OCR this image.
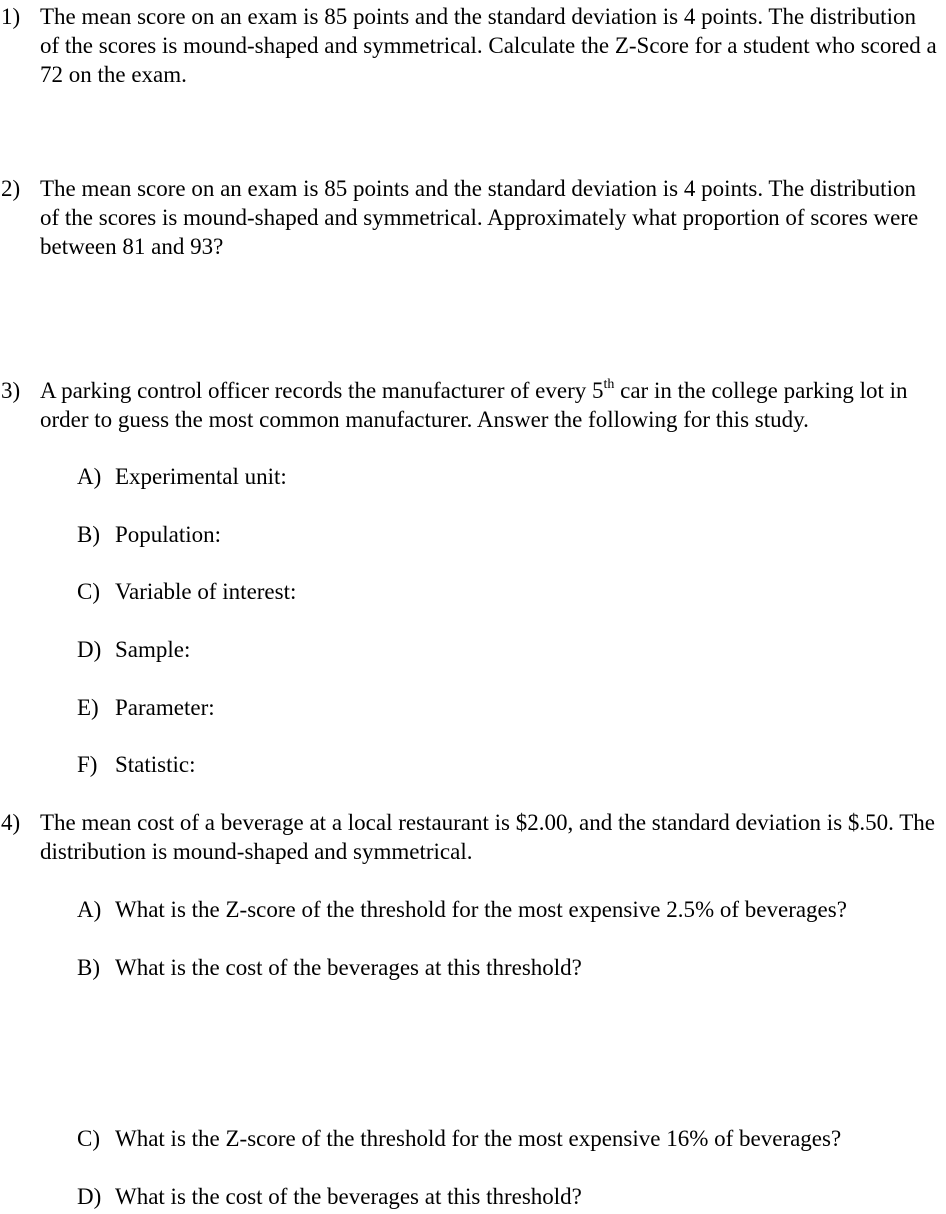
1) The mean score on an exam is 85 points and the standard deviation is 4 points. The distribution of the scores is mound-shaped and symmetrical. Calculate the Z-Score for a student who scored a 72 on the exam.
2) The mean score on an exam is 85 points and the standard deviation is 4 points. The distribution of the scores is mound-shaped and symmetrical. Approximately what proportion of scores were between 81 and 93?
3) A parking control officer records the manufacturer of every 5th car in the college parking lot in order to guess the most common manufacturer. Answer the following for this study.
A) Experimental unit:
B) Population:
C) Variable of interest:
D) Sample:
E) Parameter:
F) Statistic:
4) The mean cost of a beverage at a local restaurant is $2.00, and the standard deviation is $.50. The distribution is mound-shaped and symmetrical.
A) What is the Z-score of the threshold for the most expensive 2.5% of beverages?
B) What is the cost of the beverages at this threshold?
C) What is the Z-score of the threshold for the most expensive 16% of beverages?
D) What is the cost of the beverages at this threshold?
